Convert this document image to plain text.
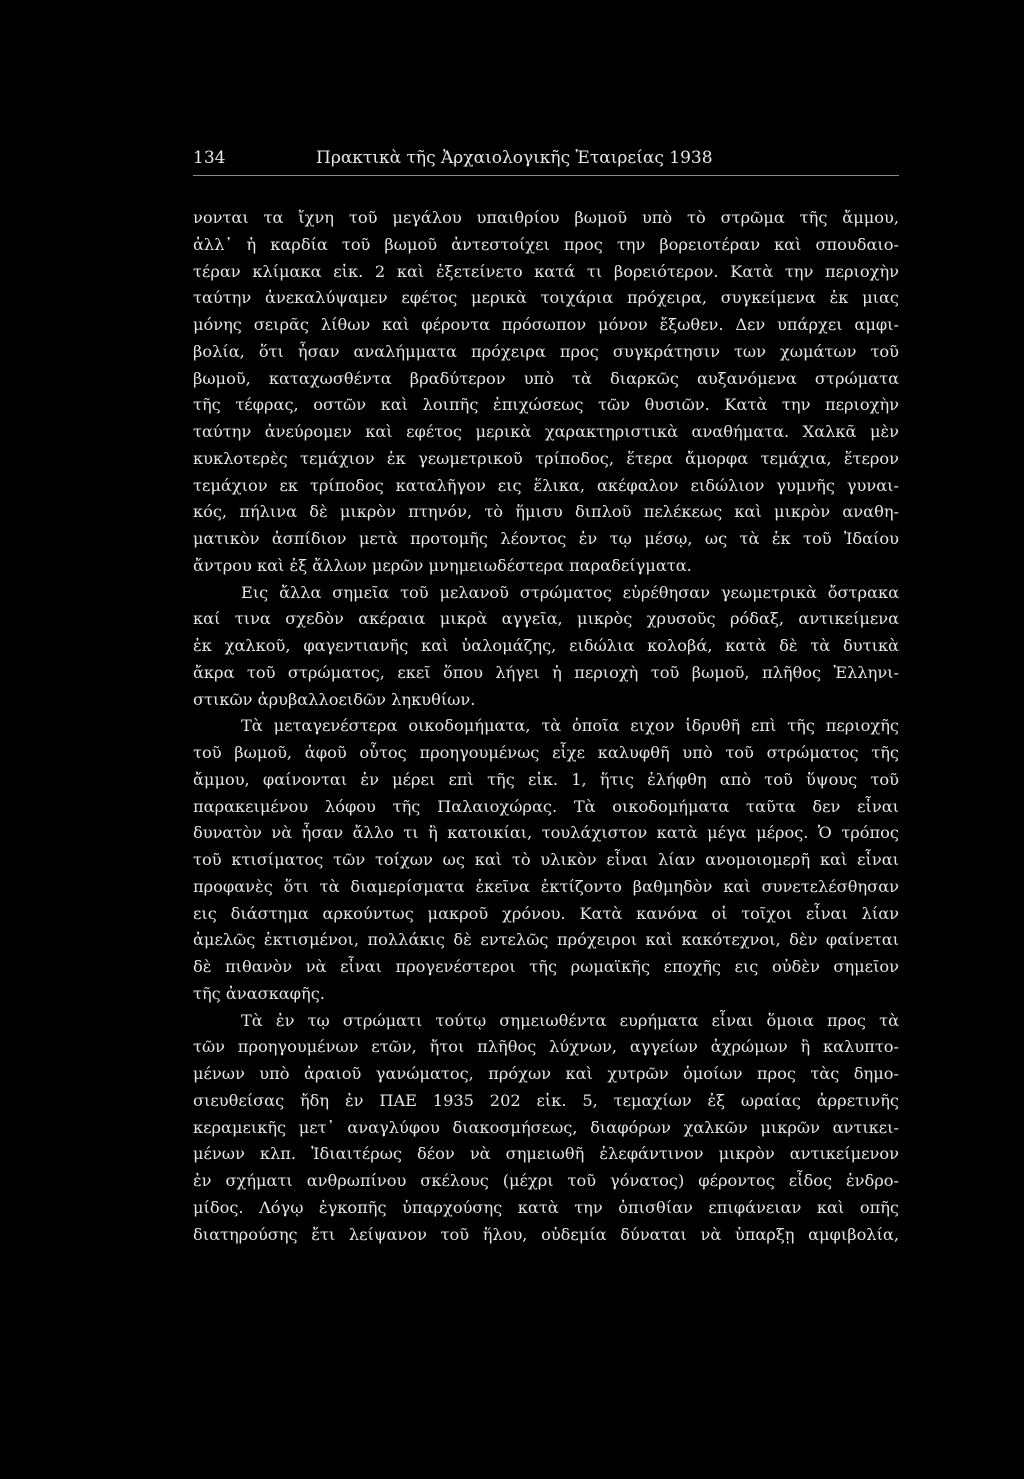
134	Πρακτικὰ τῆς Ἀρχαιολογικῆς Ἑταιρείας 1938
νονται τα ἴχνη τοῦ μεγάλου υπαιθρίου βωμοῦ υπὸ τὸ στρῶμα τῆς ἄμμου,
ἀλλ᾽ ἡ καρδία τοῦ βωμοῦ ἀντεστοίχει προς την βορειοτέραν καὶ σπουδαιο-
τέραν κλίμακα εἰκ. 2 καὶ ἐξετείνετο κατά τι βορειότερον. Κατὰ την περιοχὴν
ταύτην ἀνεκαλύψαμεν εφέτος μερικὰ τοιχάρια πρόχειρα, συγκείμενα ἐκ μιας
μόνης σειρᾶς λίθων καὶ φέροντα πρόσωπον μόνον ἔξωθεν. Δεν υπάρχει αμφι-
βολία, ὅτι ἦσαν αναλήμματα πρόχειρα προς συγκράτησιν των χωμάτων τοῦ
βωμοῦ, καταχωσθέντα βραδύτερον υπὸ τὰ διαρκῶς αυξανόμενα στρώματα
τῆς τέφρας, οστῶν καὶ λοιπῆς ἐπιχώσεως τῶν θυσιῶν. Κατὰ την περιοχὴν
ταύτην ἀνεύρομεν καὶ εφέτος μερικὰ χαρακτηριστικὰ αναθήματα. Χαλκᾶ μὲν
κυκλοτερὲς τεμάχιον ἐκ γεωμετρικοῦ τρίποδος, ἕτερα ἄμορφα τεμάχια, ἕτερον
τεμάχιον εκ τρίποδος καταλῆγον εις ἕλικα, ακέφαλον ειδώλιον γυμνῆς γυναι-
κός, πήλινα δὲ μικρὸν πτηνόν, τὸ ἥμισυ διπλοῦ πελέκεως καὶ μικρὸν αναθη-
ματικὸν ἀσπίδιον μετὰ προτομῆς λέοντος ἐν τῳ μέσῳ, ως τὰ ἐκ τοῦ Ἰδαίου
ἄντρου καὶ ἐξ ἄλλων μερῶν μνημειωδέστερα παραδείγματα.
Εις ἄλλα σημεῖα τοῦ μελανοῦ στρώματος εὑρέθησαν γεωμετρικὰ ὄστρακα
καί τινα σχεδὸν ακέραια μικρὰ αγγεῖα, μικρὸς χρυσοῦς ρόδαξ, αντικείμενα
ἐκ χαλκοῦ, φαγεντιανῆς καὶ ὑαλομάζης, ειδώλια κολοβά, κατὰ δὲ τὰ δυτικὰ
ἄκρα τοῦ στρώματος, εκεῖ ὅπου λήγει ἡ περιοχὴ τοῦ βωμοῦ, πλῆθος Ἑλληνι-
στικῶν ἀρυβαλλοειδῶν ληκυθίων.
Τὰ μεταγενέστερα οικοδομήματα, τὰ ὁποῖα ειχον ἱδρυθῆ επὶ τῆς περιοχῆς
τοῦ βωμοῦ, ἀφοῦ οὗτος προηγουμένως εἶχε καλυφθῆ υπὸ τοῦ στρώματος τῆς
ἄμμου, φαίνονται ἐν μέρει επὶ τῆς εἰκ. 1, ἥτις ἐλήφθη απὸ τοῦ ὕψους τοῦ
παρακειμένου λόφου τῆς Παλαιοχώρας. Τὰ οικοδομήματα ταῦτα δεν εἶναι
δυνατὸν νὰ ἦσαν ἄλλο τι ἢ κατοικίαι, τουλάχιστον κατὰ μέγα μέρος. Ὁ τρόπος
τοῦ κτισίματος τῶν τοίχων ως καὶ τὸ υλικὸν εἶναι λίαν ανομοιομερῆ καὶ εἶναι
προφανὲς ὅτι τὰ διαμερίσματα ἐκεῖνα ἐκτίζοντο βαθμηδὸν καὶ συνετελέσθησαν
εις διάστημα αρκούντως μακροῦ χρόνου. Κατὰ κανόνα οἱ τοῖχοι εἶναι λίαν
ἀμελῶς ἐκτισμένοι, πολλάκις δὲ εντελῶς πρόχειροι καὶ κακότεχνοι, δὲν φαίνεται
δὲ πιθανὸν νὰ εἶναι προγενέστεροι τῆς ρωμαϊκῆς εποχῆς εις οὐδὲν σημεῖον
τῆς ἀνασκαφῆς.
Τὰ ἐν τῳ στρώματι τούτῳ σημειωθέντα ευρήματα εἶναι ὅμοια προς τὰ
τῶν προηγουμένων ετῶν, ἤτοι πλῆθος λύχνων, αγγείων ἀχρώμων ἢ καλυπτο-
μένων υπὸ ἀραιοῦ γανώματος, πρόχων καὶ χυτρῶν ὁμοίων προς τὰς δημο-
σιευθείσας ἤδη ἐν ΠΑΕ 1935 202 εἰκ. 5, τεμαχίων ἐξ ωραίας ἀρρετινῆς
κεραμεικῆς μετ᾽ αναγλύφου διακοσμήσεως, διαφόρων χαλκῶν μικρῶν αντικει-
μένων κλπ. Ἰδιαιτέρως δέον νὰ σημειωθῆ ἐλεφάντινον μικρὸν αντικείμενον
ἐν σχήματι ανθρωπίνου σκέλους (μέχρι τοῦ γόνατος) φέροντος εἶδος ἐνδρο-
μίδος. Λόγῳ ἐγκοπῆς ὑπαρχούσης κατὰ την ὀπισθίαν επιφάνειαν καὶ οπῆς
διατηρούσης ἔτι λείψανον τοῦ ἥλου, οὐδεμία δύναται νὰ ὑπαρξῃ αμφιβολία,
